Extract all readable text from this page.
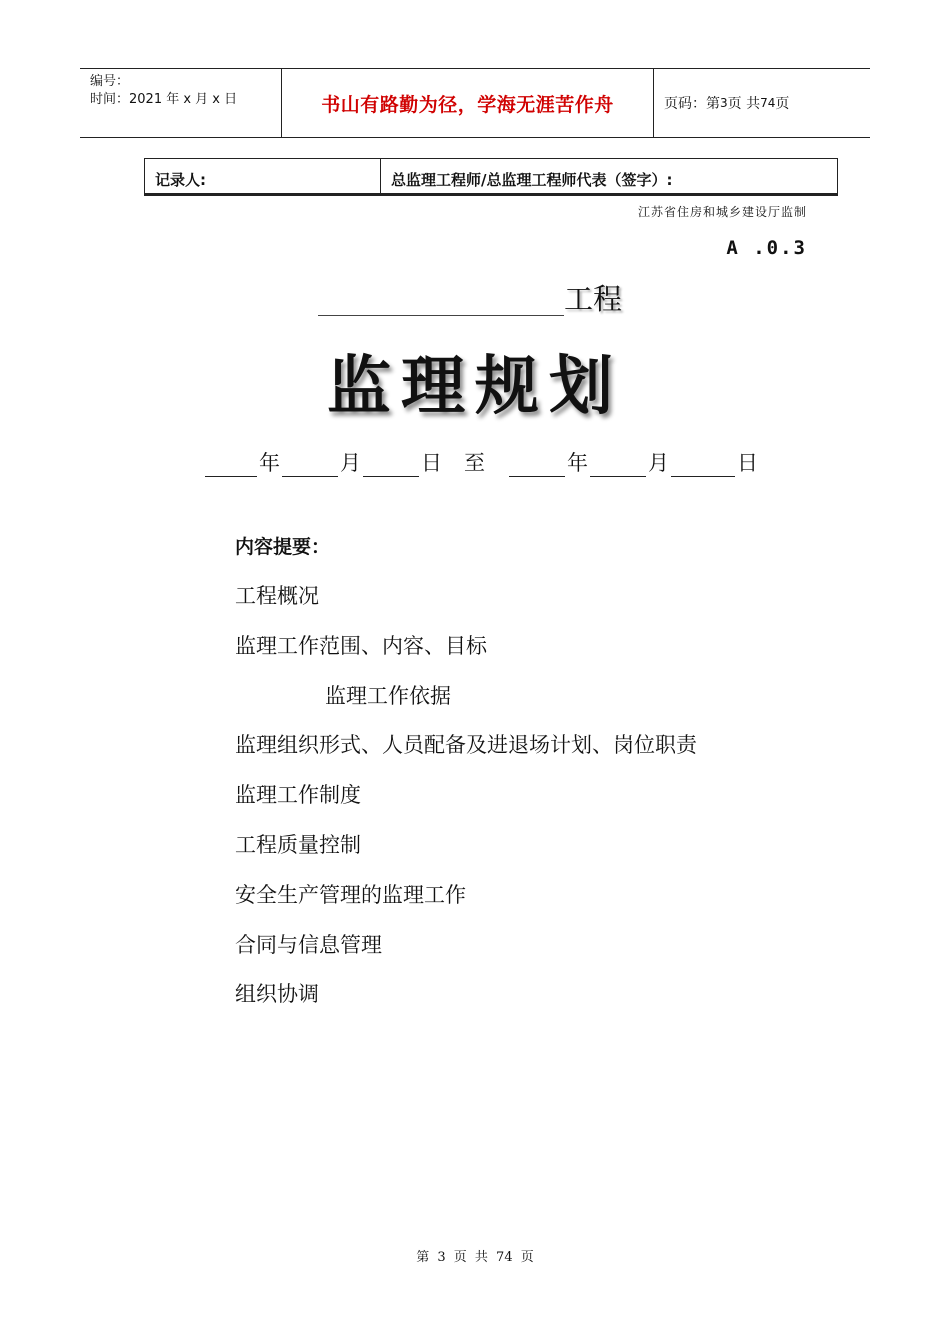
编号：
时间：2021 年 x 月 x 日	书山有路勤为径，学海无涯苦作舟	页码：第 3 页 共 74 页
记录人:	总监理工程师/总监理工程师代表（签字）:
江苏省住房和城乡建设厅监制
A .0.3
工程
监理规划
年	月	日 至	年	月	日
内容提要：
工程概况
监理工作范围、内容、目标
监理工作依据
监理组织形式、人员配备及进退场计划、岗位职责
监理工作制度
工程质量控制
安全生产管理的监理工作
合同与信息管理
组织协调
第 3 页 共 74 页
